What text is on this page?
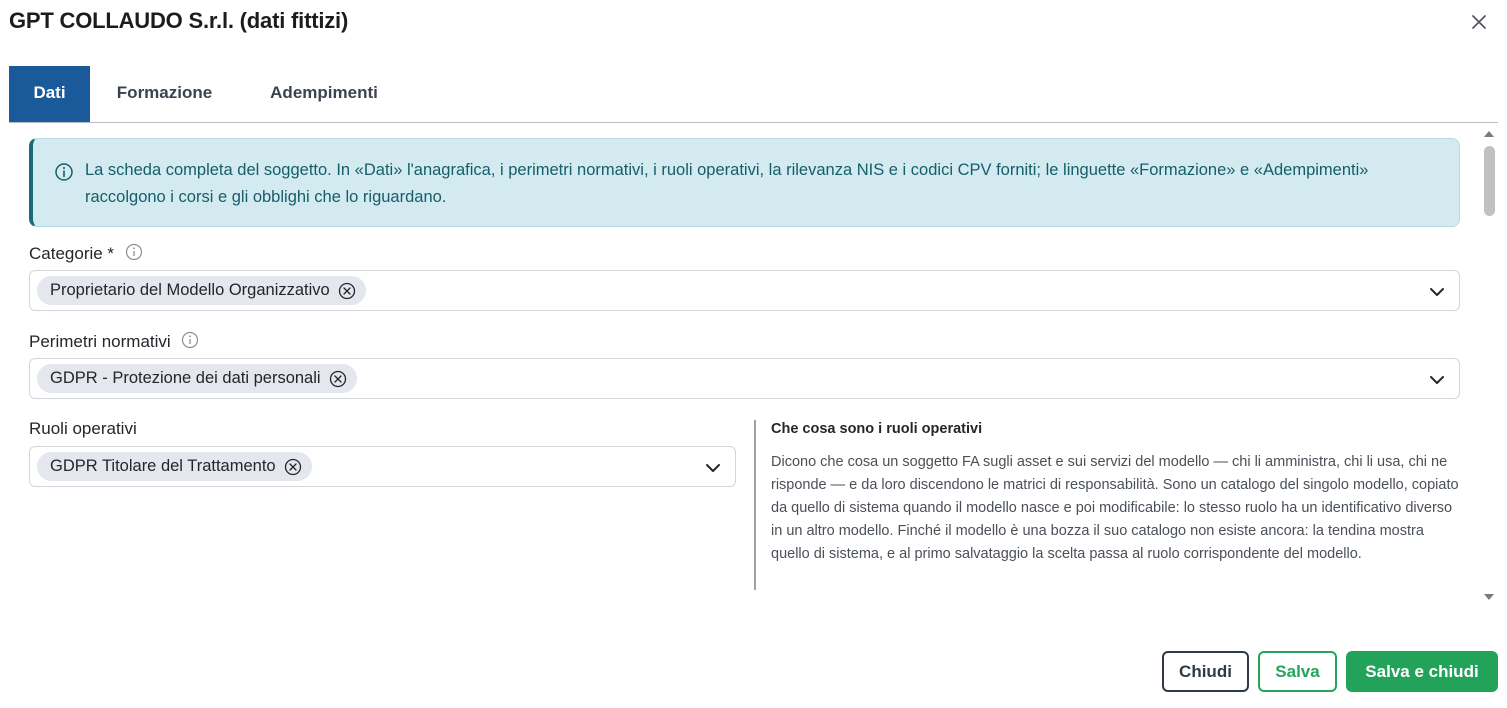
GPT COLLAUDO S.r.l. (dati fittizi)
Dati	Formazione	Adempimenti
La scheda completa del soggetto. In «Dati» l'anagrafica, i perimetri normativi, i ruoli operativi, la rilevanza NIS e i codici CPV forniti; le linguette «Formazione» e «Adempimenti» raccolgono i corsi e gli obblighi che lo riguardano.
Categorie *
Proprietario del Modello Organizzativo
Perimetri normativi
GDPR - Protezione dei dati personali
Ruoli operativi
GDPR Titolare del Trattamento
Che cosa sono i ruoli operativi
Dicono che cosa un soggetto FA sugli asset e sui servizi del modello — chi li amministra, chi li usa, chi ne risponde — e da loro discendono le matrici di responsabilità. Sono un catalogo del singolo modello, copiato da quello di sistema quando il modello nasce e poi modificabile: lo stesso ruolo ha un identificativo diverso in un altro modello. Finché il modello è una bozza il suo catalogo non esiste ancora: la tendina mostra quello di sistema, e al primo salvataggio la scelta passa al ruolo corrispondente del modello.
Chiudi	Salva	Salva e chiudi
